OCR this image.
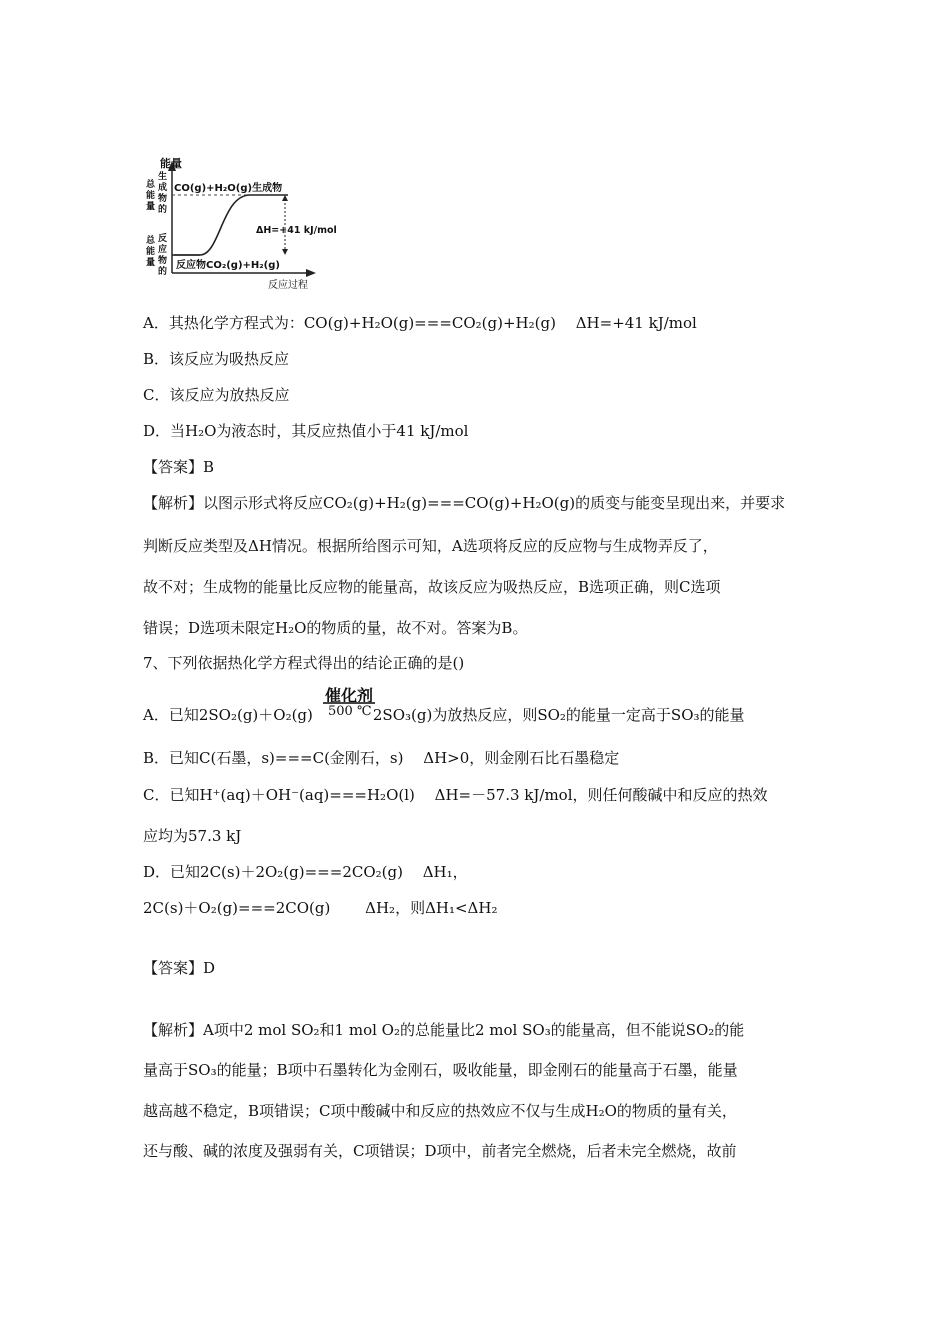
能量
CO(g)+H₂O(g)生成物
ΔH=+41 kJ/mol
反应物CO₂(g)+H₂(g)
反应过程
总能量 生成物的
总能量 反应物的
A．其热化学方程式为：CO(g)+H₂O(g)===CO₂(g)+H₂(g)　 ΔH=+41 kJ/mol
B．该反应为吸热反应
C．该反应为放热反应
D．当H₂O为液态时，其反应热值小于41 kJ/mol
【答案】B
【解析】以图示形式将反应CO₂(g)+H₂(g)===CO(g)+H₂O(g)的质变与能变呈现出来，并要求
判断反应类型及ΔH情况。根据所给图示可知，A选项将反应的反应物与生成物弄反了，
故不对；生成物的能量比反应物的能量高，故该反应为吸热反应，B选项正确，则C选项
错误；D选项未限定H₂O的物质的量，故不对。答案为B。
7、下列依据热化学方程式得出的结论正确的是()
催化剂
A．已知2SO₂(g)＋O₂(g)	2SO₃(g)为放热反应，则SO₂的能量一定高于SO₃的能量
500 ℃
B．已知C(石墨，s)===C(金刚石，s)　 ΔH>0，则金刚石比石墨稳定
C．已知H⁺(aq)＋OH⁻(aq)===H₂O(l)　 ΔH=－57.3 kJ/mol，则任何酸碱中和反应的热效
应均为57.3 kJ
D．已知2C(s)＋2O₂(g)===2CO₂(g)　 ΔH₁，
2C(s)＋O₂(g)===2CO(g)　　 ΔH₂，则ΔH₁<ΔH₂
【答案】D
【解析】A项中2 mol SO₂和1 mol O₂的总能量比2 mol SO₃的能量高，但不能说SO₂的能
量高于SO₃的能量；B项中石墨转化为金刚石，吸收能量，即金刚石的能量高于石墨，能量
越高越不稳定，B项错误；C项中酸碱中和反应的热效应不仅与生成H₂O的物质的量有关，
还与酸、碱的浓度及强弱有关，C项错误；D项中，前者完全燃烧，后者未完全燃烧，故前
